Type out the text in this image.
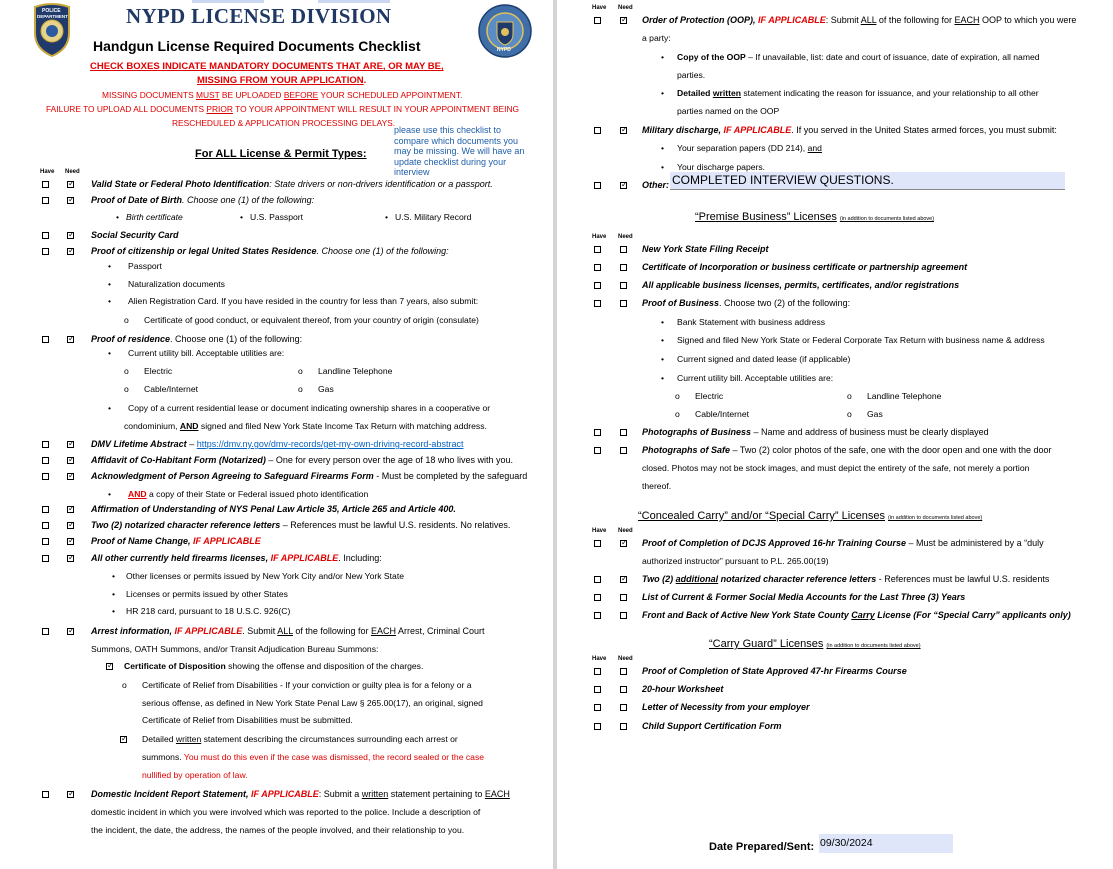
POLICE
DEPARTMENT
NYPD
NYPD LICENSE DIVISION
Handgun License Required Documents Checklist
CHECK BOXES INDICATE MANDATORY DOCUMENTS THAT ARE, OR MAY BE,
MISSING FROM YOUR APPLICATION.
MISSING DOCUMENTS MUST BE UPLOADED BEFORE YOUR SCHEDULED APPOINTMENT.
FAILURE TO UPLOAD ALL DOCUMENTS PRIOR TO YOUR APPOINTMENT WILL RESULT IN YOUR APPOINTMENT BEING
RESCHEDULED & APPLICATION PROCESSING DELAYS.
please use this checklist to
compare which documents you
may be missing. We will have an
update checklist during your
interview
For ALL License & Permit Types:
Have Need
✓
Valid State or Federal Photo Identification: State drivers or non-drivers identification or a passport.
✓
Proof of Date of Birth. Choose one (1) of the following:
• Birth certificate	• U.S. Passport	• U.S. Military Record
✓
Social Security Card
✓
Proof of citizenship or legal United States Residence. Choose one (1) of the following:
• Passport
• Naturalization documents
• Alien Registration Card. If you have resided in the country for less than 7 years, also submit:
o Certificate of good conduct, or equivalent thereof, from your country of origin (consulate)
✓
Proof of residence. Choose one (1) of the following:
• Current utility bill. Acceptable utilities are:
o Electric	o Landline Telephone
o Cable/Internet	o Gas
• Copy of a current residential lease or document indicating ownership shares in a cooperative or
condominium, AND signed and filed New York State Income Tax Return with matching address.
✓
DMV Lifetime Abstract – https://dmv.ny.gov/dmv-records/get-my-own-driving-record-abstract
✓
Affidavit of Co-Habitant Form (Notarized) – One for every person over the age of 18 who lives with you.
✓
Acknowledgment of Person Agreeing to Safeguard Firearms Form - Must be completed by the safeguard
• AND a copy of their State or Federal issued photo identification
✓
Affirmation of Understanding of NYS Penal Law Article 35, Article 265 and Article 400.
✓
Two (2) notarized character reference letters – References must be lawful U.S. residents. No relatives.
✓
Proof of Name Change, IF APPLICABLE
✓
All other currently held firearms licenses, IF APPLICABLE. Including:
• Other licenses or permits issued by New York City and/or New York State
• Licenses or permits issued by other States
• HR 218 card, pursuant to 18 U.S.C. 926(C)
✓
Arrest information, IF APPLICABLE. Submit ALL of the following for EACH Arrest, Criminal Court
Summons, OATH Summons, and/or Transit Adjudication Bureau Summons:
✓
Certificate of Disposition showing the offense and disposition of the charges.
o Certificate of Relief from Disabilities - If your conviction or guilty plea is for a felony or a
serious offense, as defined in New York State Penal Law § 265.00(17), an original, signed
Certificate of Relief from Disabilities must be submitted.
✓
Detailed written statement describing the circumstances surrounding each arrest or
summons. You must do this even if the case was dismissed, the record sealed or the case
nullified by operation of law.
✓
Domestic Incident Report Statement, IF APPLICABLE: Submit a written statement pertaining to EACH
domestic incident in which you were involved which was reported to the police. Include a description of
the incident, the date, the address, the names of the people involved, and their relationship to you.
Have Need
✓
Order of Protection (OOP), IF APPLICABLE: Submit ALL of the following for EACH OOP to which you were
a party:
• Copy of the OOP – If unavailable, list: date and court of issuance, date of expiration, all named
parties.
• Detailed written statement indicating the reason for issuance, and your relationship to all other
parties named on the OOP
✓
Military discharge, IF APPLICABLE. If you served in the United States armed forces, you must submit:
• Your separation papers (DD 214), and
• Your discharge papers.
✓
Other: COMPLETED INTERVIEW QUESTIONS.
“Premise Business” Licenses (in addition to documents listed above)
Have Need
New York State Filing Receipt
Certificate of Incorporation or business certificate or partnership agreement
All applicable business licenses, permits, certificates, and/or registrations
Proof of Business. Choose two (2) of the following:
• Bank Statement with business address
• Signed and filed New York State or Federal Corporate Tax Return with business name & address
• Current signed and dated lease (if applicable)
• Current utility bill. Acceptable utilities are:
o Electric	o Landline Telephone
o Cable/Internet	o Gas
Photographs of Business – Name and address of business must be clearly displayed
Photographs of Safe – Two (2) color photos of the safe, one with the door open and one with the door
closed. Photos may not be stock images, and must depict the entirety of the safe, not merely a portion
thereof.
“Concealed Carry” and/or “Special Carry” Licenses (in addition to documents listed above)
Have Need
✓
Proof of Completion of DCJS Approved 16-hr Training Course – Must be administered by a “duly
authorized instructor” pursuant to P.L. 265.00(19)
✓
Two (2) additional notarized character reference letters - References must be lawful U.S. residents
List of Current & Former Social Media Accounts for the Last Three (3) Years
Front and Back of Active New York State County Carry License (For “Special Carry” applicants only)
“Carry Guard” Licenses (in addition to documents listed above)
Have Need
Proof of Completion of State Approved 47-hr Firearms Course
20-hour Worksheet
Letter of Necessity from your employer
Child Support Certification Form
Date Prepared/Sent: 09/30/2024
